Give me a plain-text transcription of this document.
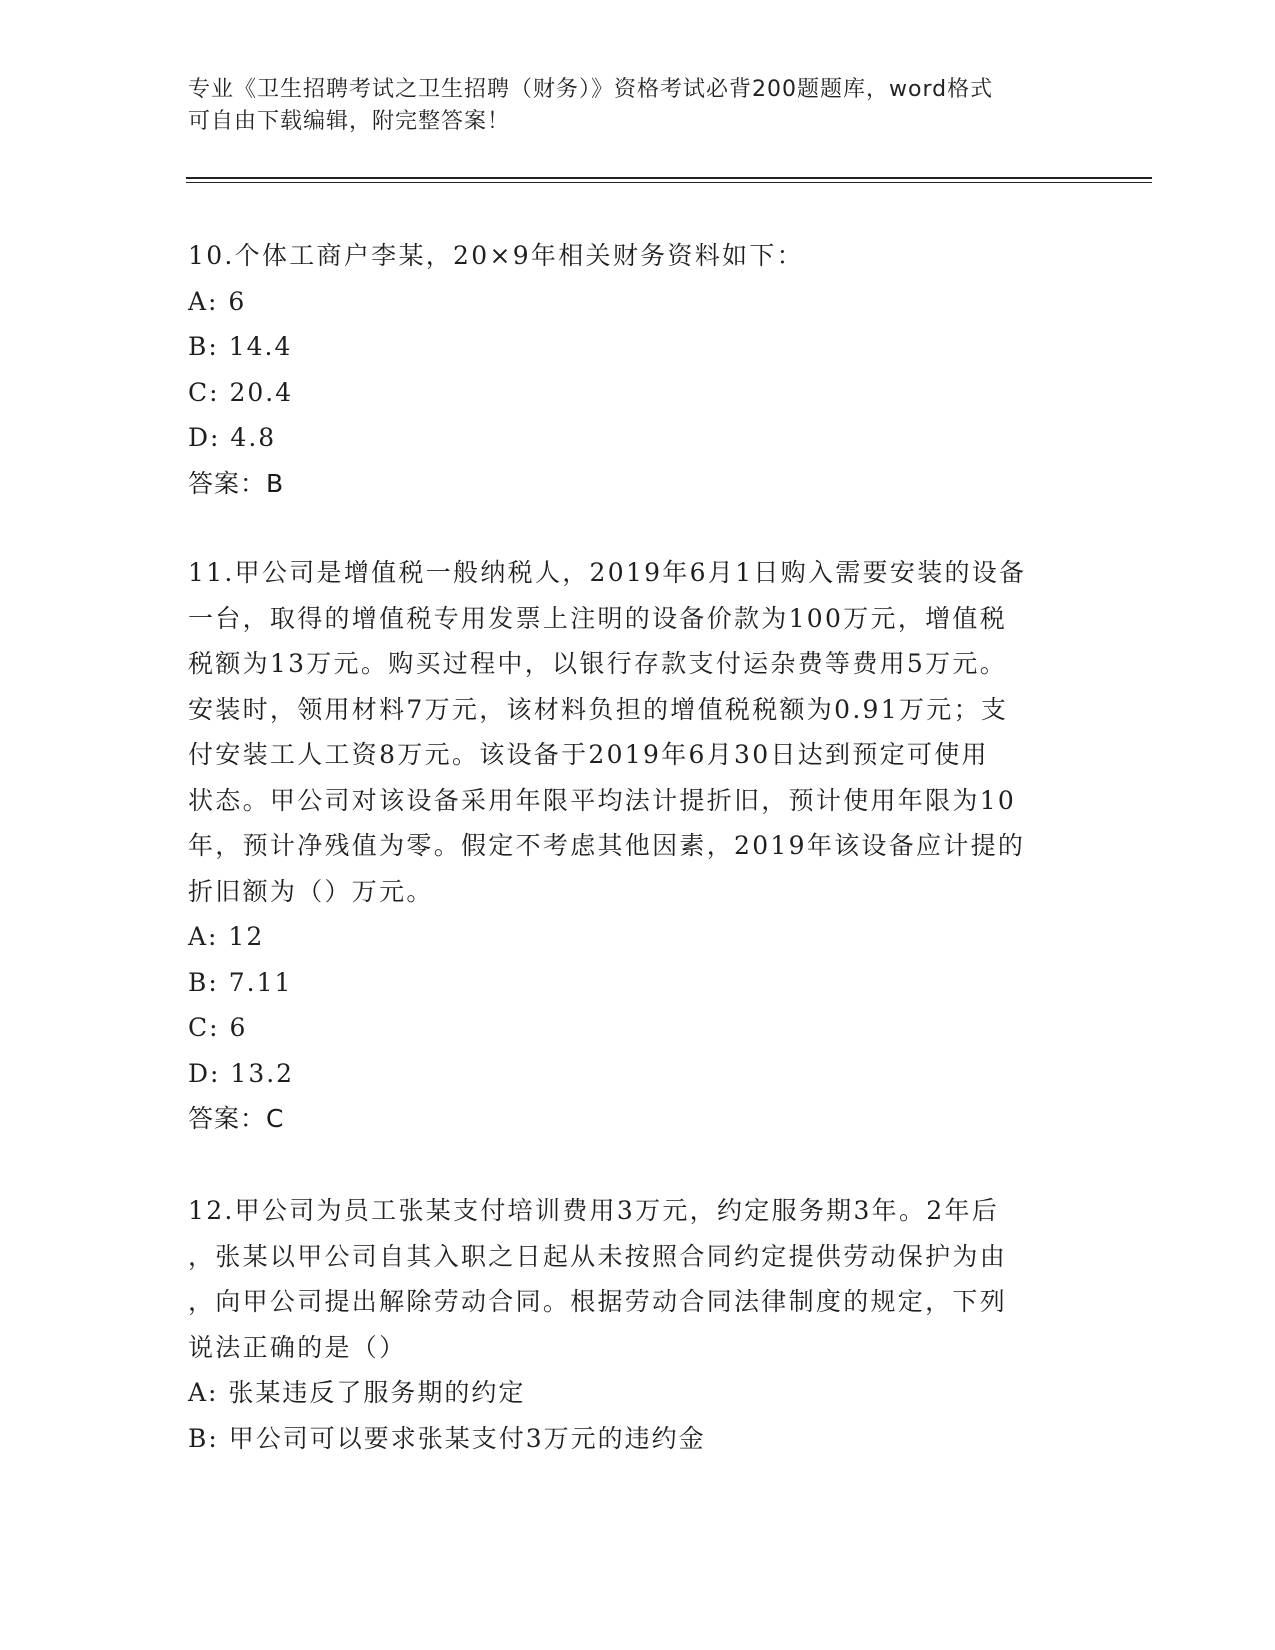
专业《卫生招聘考试之卫生招聘（财务）》资格考试必背200题题库，word格式
可自由下载编辑，附完整答案！
10.个体工商户李某，20×9年相关财务资料如下：
A: 6
B: 14.4
C: 20.4
D: 4.8
答案：B
11.甲公司是增值税一般纳税人，2019年6月1日购入需要安装的设备
一台，取得的增值税专用发票上注明的设备价款为100万元，增值税
税额为13万元。购买过程中，以银行存款支付运杂费等费用5万元。
安装时，领用材料7万元，该材料负担的增值税税额为0.91万元；支
付安装工人工资8万元。该设备于2019年6月30日达到预定可使用
状态。甲公司对该设备采用年限平均法计提折旧，预计使用年限为10
年，预计净残值为零。假定不考虑其他因素，2019年该设备应计提的
折旧额为（）万元。
A: 12
B: 7.11
C: 6
D: 13.2
答案：C
12.甲公司为员工张某支付培训费用3万元，约定服务期3年。2年后
，张某以甲公司自其入职之日起从未按照合同约定提供劳动保护为由
，向甲公司提出解除劳动合同。根据劳动合同法律制度的规定，下列
说法正确的是（）
A: 张某违反了服务期的约定
B: 甲公司可以要求张某支付3万元的违约金
